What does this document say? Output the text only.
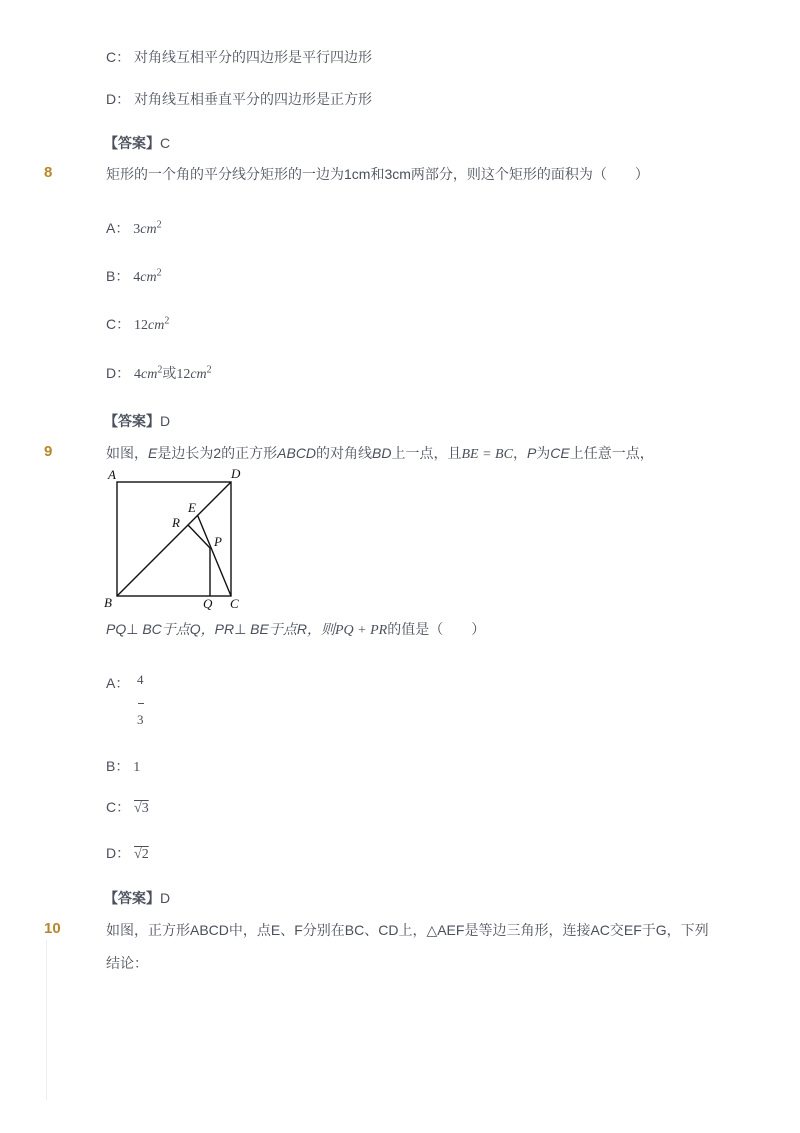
C： 对角线互相平分的四边形是平行四边形
D： 对角线互相垂直平分的四边形是正方形
【答案】C
8	矩形的一个角的平分线分矩形的一边为1cm和3cm两部分，则这个矩形的面积为（　　）
A： $3cm^2$
B： $4cm^2$
C： $12cm^2$
D： $4cm^2$或$12cm^2$
【答案】D
9	如图，E是边长为2的正方形ABCD的对角线BD上一点，且BE = BC，P为CE上任意一点，
A	D
B	C
E
R
P
Q
PQ⊥ BC于点Q，PR⊥ BE于点R，则PQ + PR的值是（　　）
A： 4
3
B： 1
C： √3
D： √2
【答案】D
10	如图，正方形ABCD中，点E、F分别在BC、CD上，△AEF是等边三角形，连接AC交EF于G，下列
结论：
